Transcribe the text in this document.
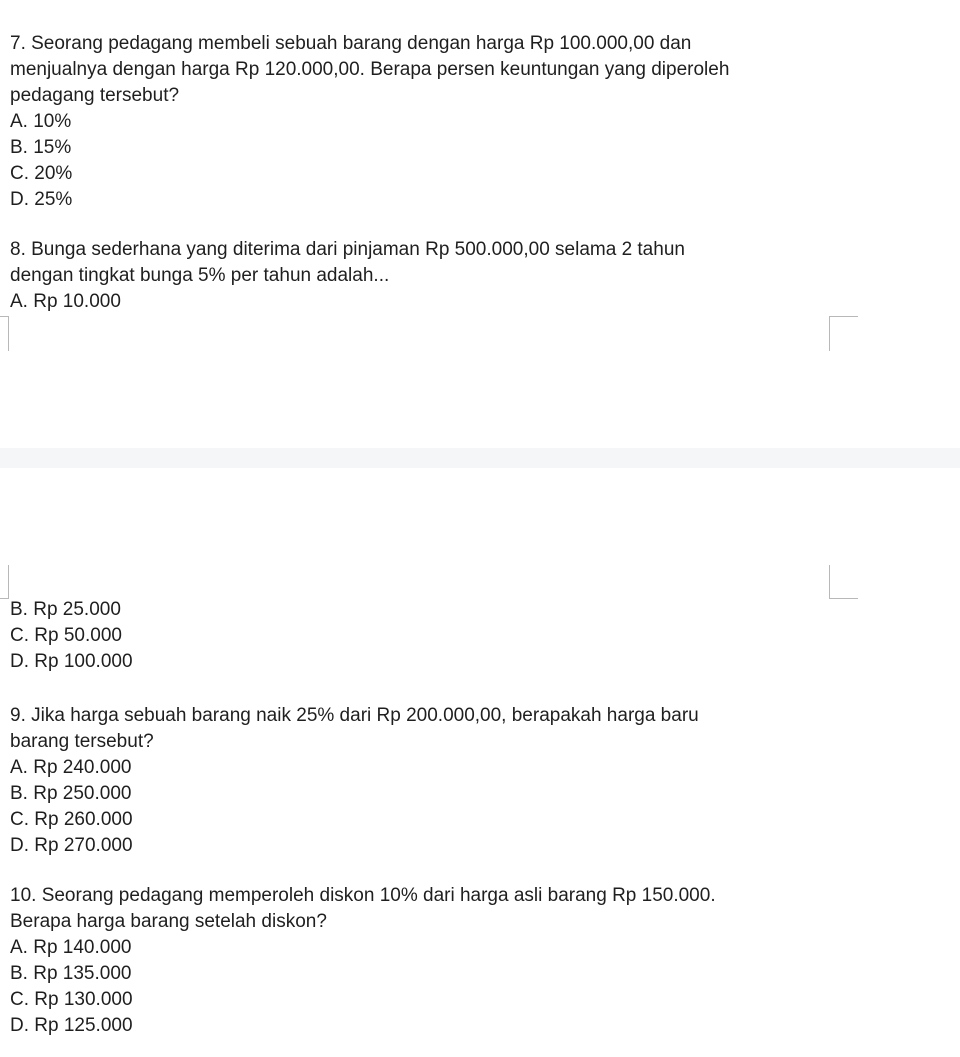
7. Seorang pedagang membeli sebuah barang dengan harga Rp 100.000,00 dan
menjualnya dengan harga Rp 120.000,00. Berapa persen keuntungan yang diperoleh
pedagang tersebut?
A. 10%
B. 15%
C. 20%
D. 25%
8. Bunga sederhana yang diterima dari pinjaman Rp 500.000,00 selama 2 tahun
dengan tingkat bunga 5% per tahun adalah...
A. Rp 10.000
B. Rp 25.000
C. Rp 50.000
D. Rp 100.000
9. Jika harga sebuah barang naik 25% dari Rp 200.000,00, berapakah harga baru
barang tersebut?
A. Rp 240.000
B. Rp 250.000
C. Rp 260.000
D. Rp 270.000
10. Seorang pedagang memperoleh diskon 10% dari harga asli barang Rp 150.000.
Berapa harga barang setelah diskon?
A. Rp 140.000
B. Rp 135.000
C. Rp 130.000
D. Rp 125.000
